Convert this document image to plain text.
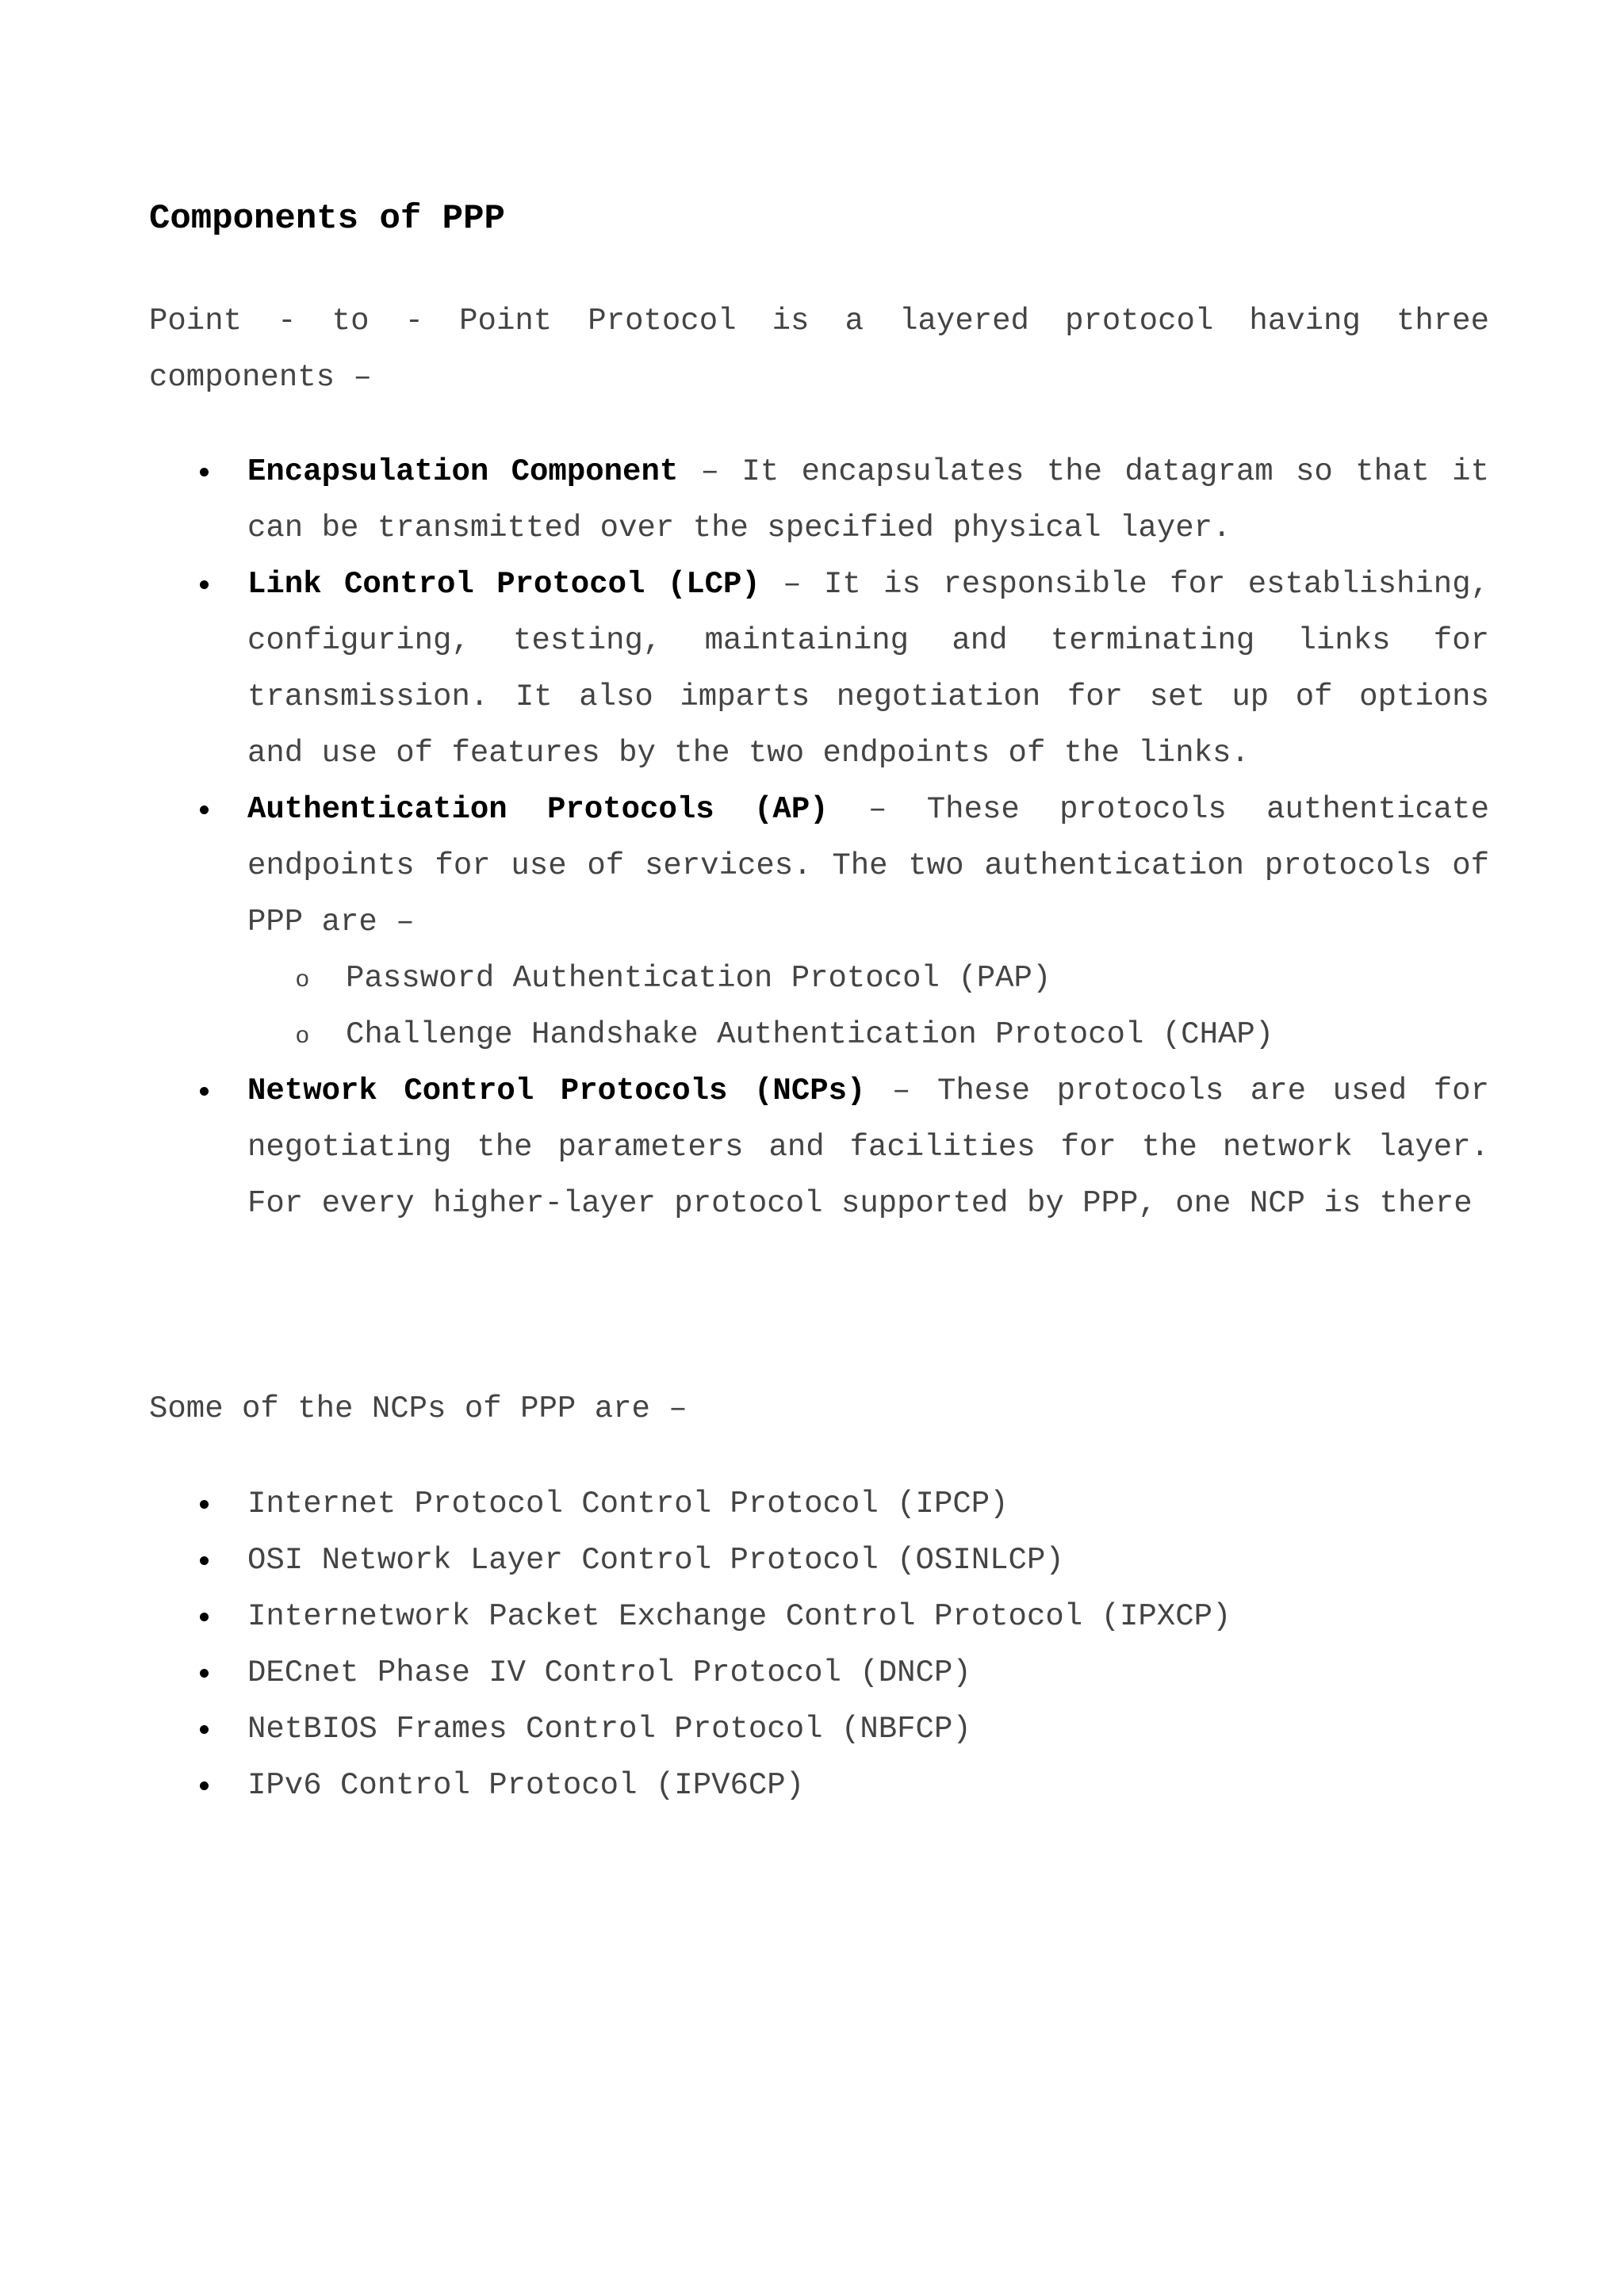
Components of PPP

Point - to - Point Protocol is a layered protocol having three components –

Encapsulation Component – It encapsulates the datagram so that it can be transmitted over the specified physical layer.
Link Control Protocol (LCP) – It is responsible for establishing, configuring, testing, maintaining and terminating links for transmission. It also imparts negotiation for set up of options and use of features by the two endpoints of the links.
Authentication Protocols (AP) – These protocols authenticate endpoints for use of services. The two authentication protocols of PPP are –
o Password Authentication Protocol (PAP)
o Challenge Handshake Authentication Protocol (CHAP)
Network Control Protocols (NCPs) – These protocols are used for negotiating the parameters and facilities for the network layer. For every higher-layer protocol supported by PPP, one NCP is there

Some of the NCPs of PPP are –

Internet Protocol Control Protocol (IPCP)
OSI Network Layer Control Protocol (OSINLCP)
Internetwork Packet Exchange Control Protocol (IPXCP)
DECnet Phase IV Control Protocol (DNCP)
NetBIOS Frames Control Protocol (NBFCP)
IPv6 Control Protocol (IPV6CP)
